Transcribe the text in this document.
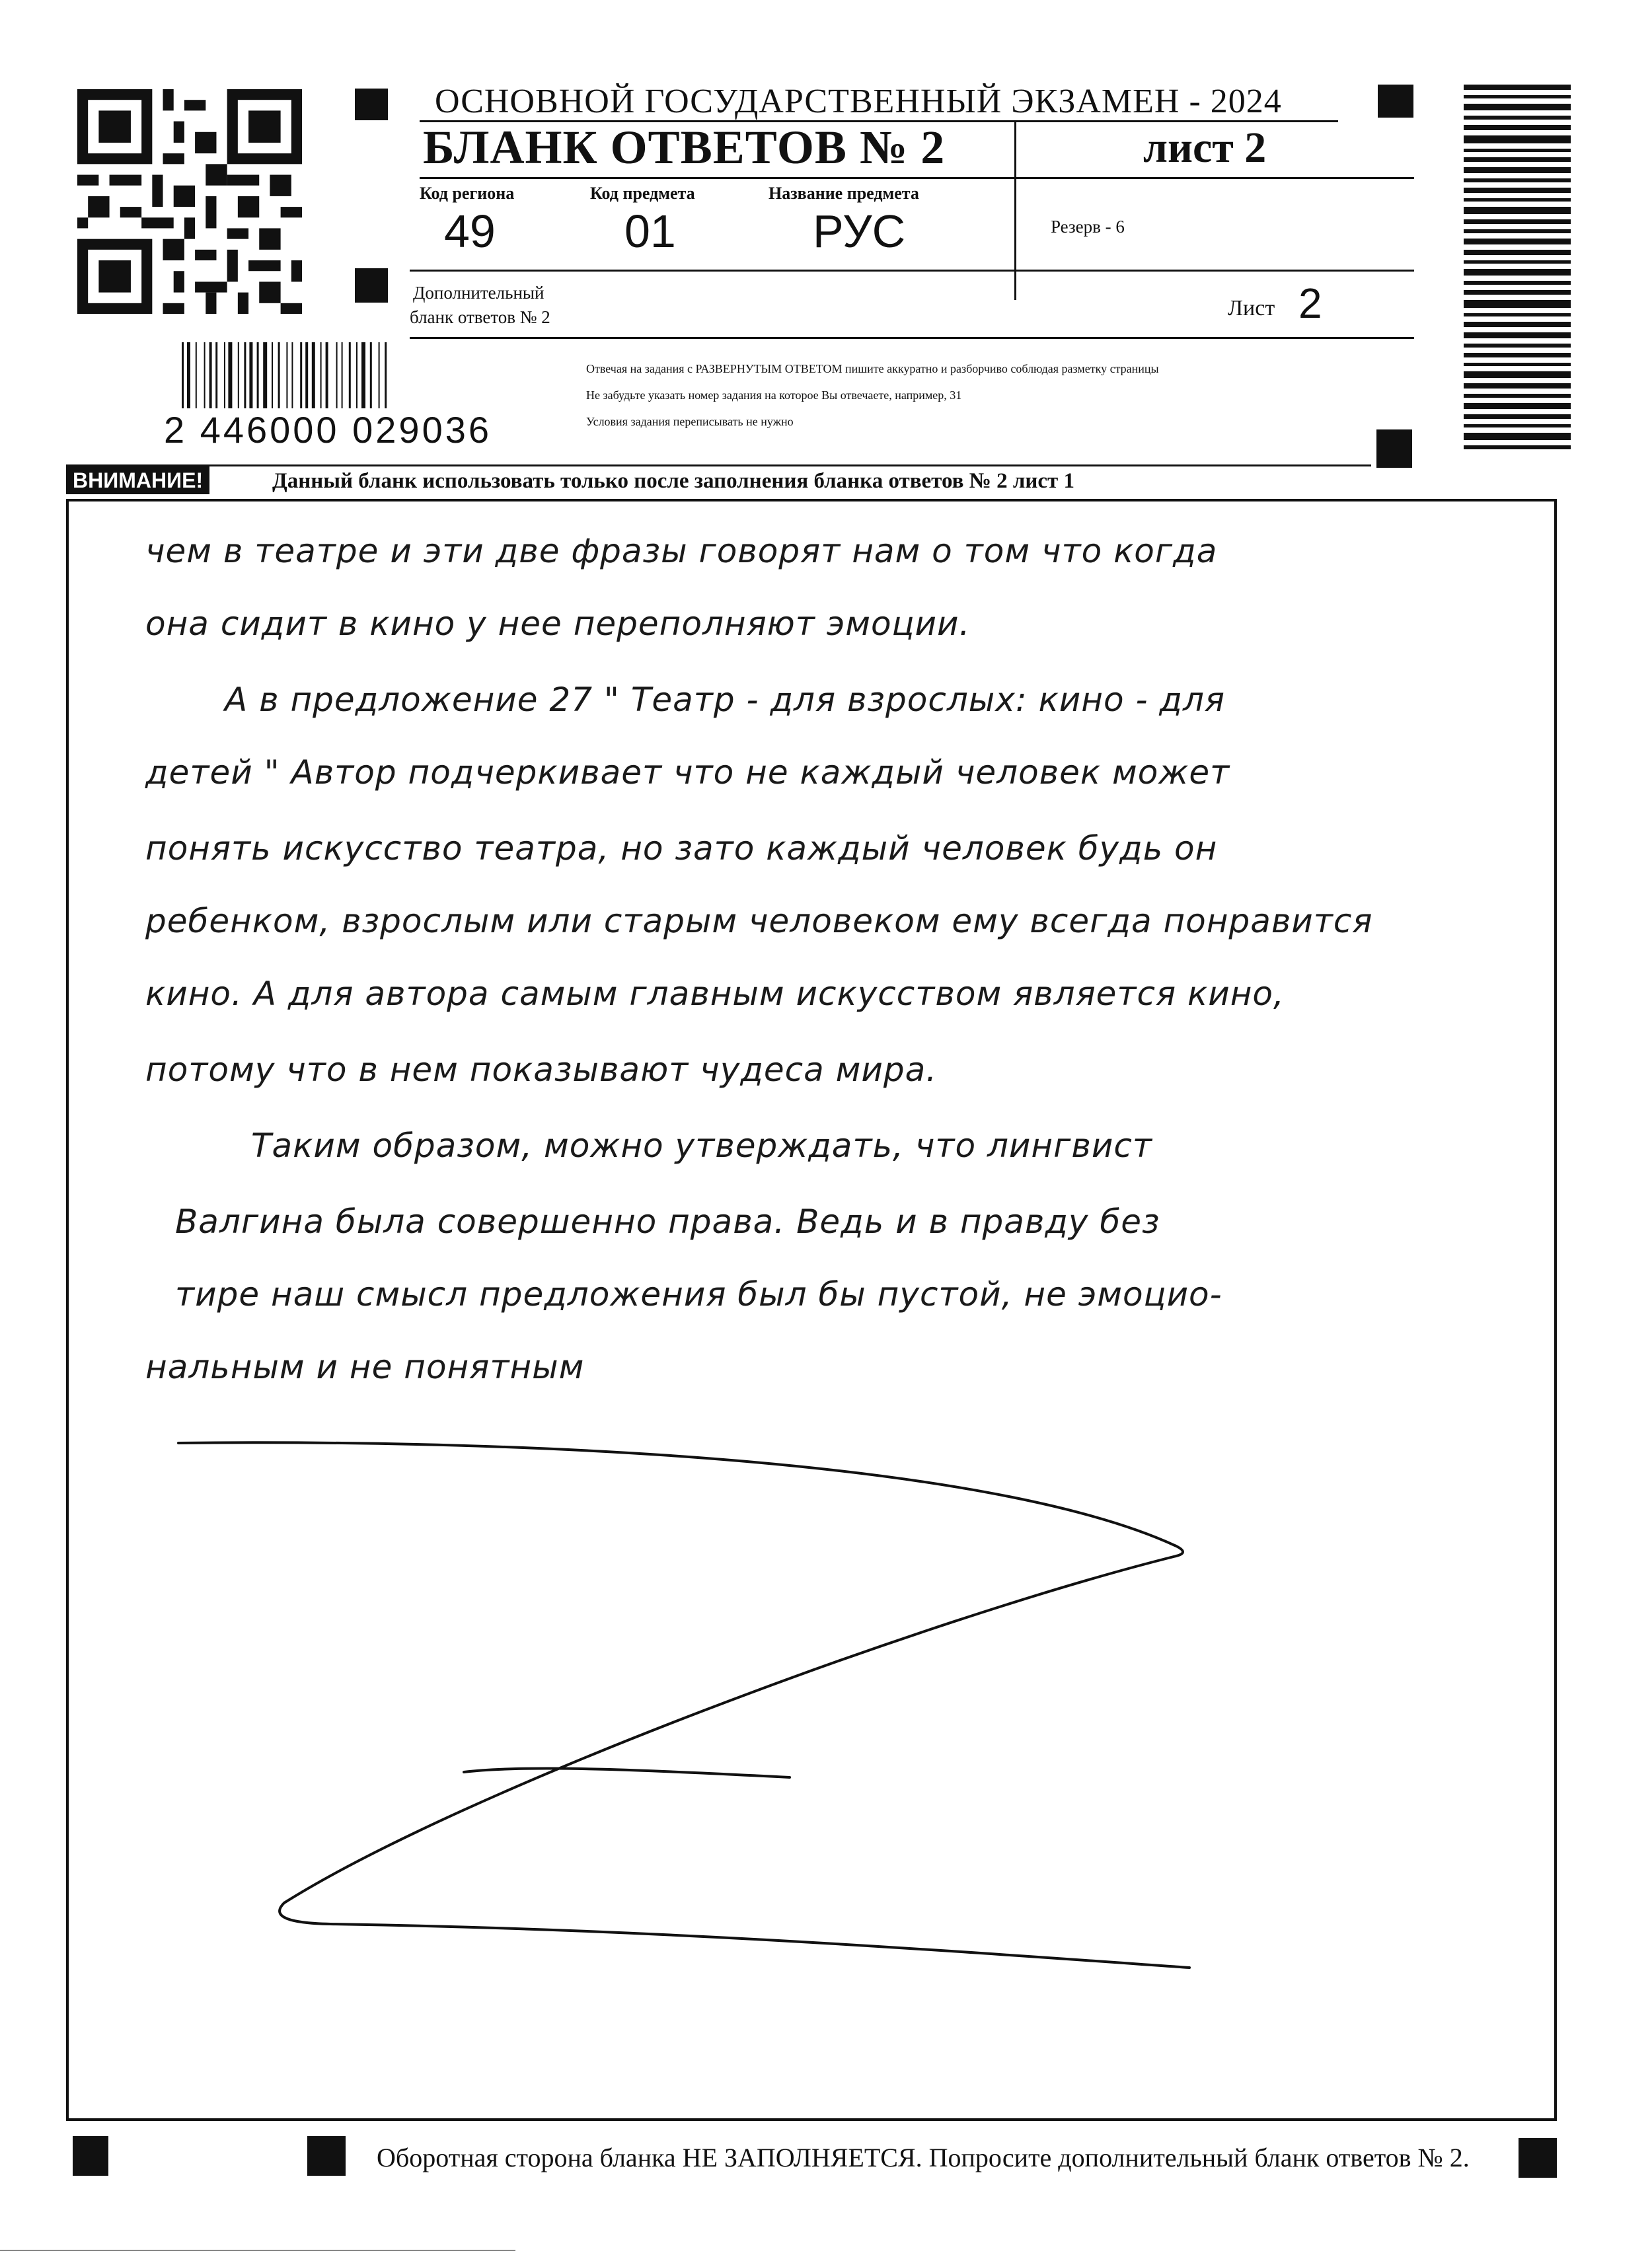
ОСНОВНОЙ ГОСУДАРСТВЕННЫЙ ЭКЗАМЕН - 2024
БЛАНК ОТВЕТОВ № 2	лист 2
Код региона
49
Код предмета
01
Название предмета
РУС	Резерв - 6
Дополнительный
бланк ответов № 2	Лист 2
2 446000 029036
Отвечая на задания с РАЗВЕРНУТЫМ ОТВЕТОМ пишите аккуратно и разборчиво соблюдая разметку страницы
Не забудьте указать номер задания на которое Вы отвечаете, например, 31
Условия задания переписывать не нужно
ВНИМАНИЕ!	Данный бланк использовать только после заполнения бланка ответов № 2 лист 1
чем в театре и эти две фразы говорят нам о том что когда
она сидит в кино у нее переполняют эмоции.
А в предложение 27 " Театр - для взрослых: кино - для
детей " Автор подчеркивает что не каждый человек может
понять искусство театра, но зато каждый человек будь он
ребенком, взрослым или старым человеком ему всегда понравится
кино. А для автора самым главным искусством является кино,
потому что в нем показывают чудеса мира.
Таким образом, можно утверждать, что лингвист
Валгина была совершенно права. Ведь и в правду без
тире наш смысл предложения был бы пустой, не эмоцио-
нальным и не понятным
Оборотная сторона бланка НЕ ЗАПОЛНЯЕТСЯ. Попросите дополнительный бланк ответов № 2.
